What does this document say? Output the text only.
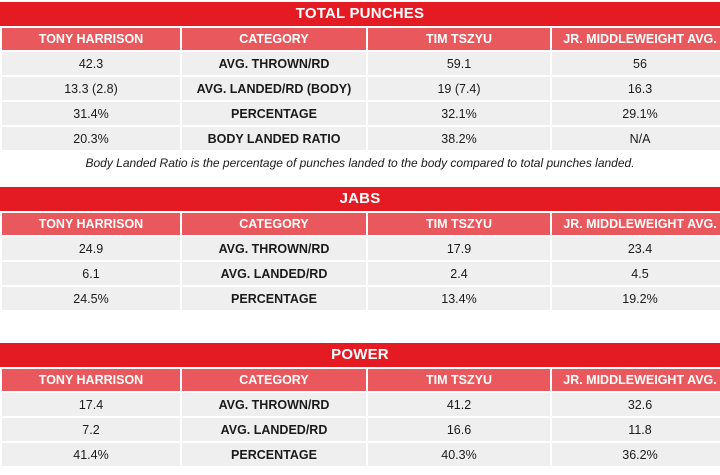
TOTAL PUNCHES
TONY HARRISON	CATEGORY	TIM TSZYU	JR. MIDDLEWEIGHT AVG.
42.3	AVG. THROWN/RD	59.1	56
13.3 (2.8)	AVG. LANDED/RD (BODY)	19 (7.4)	16.3
31.4%	PERCENTAGE	32.1%	29.1%
20.3%	BODY LANDED RATIO	38.2%	N/A
Body Landed Ratio is the percentage of punches landed to the body compared to total punches landed.
JABS
TONY HARRISON	CATEGORY	TIM TSZYU	JR. MIDDLEWEIGHT AVG.
24.9	AVG. THROWN/RD	17.9	23.4
6.1	AVG. LANDED/RD	2.4	4.5
24.5%	PERCENTAGE	13.4%	19.2%
POWER
TONY HARRISON	CATEGORY	TIM TSZYU	JR. MIDDLEWEIGHT AVG.
17.4	AVG. THROWN/RD	41.2	32.6
7.2	AVG. LANDED/RD	16.6	11.8
41.4%	PERCENTAGE	40.3%	36.2%
